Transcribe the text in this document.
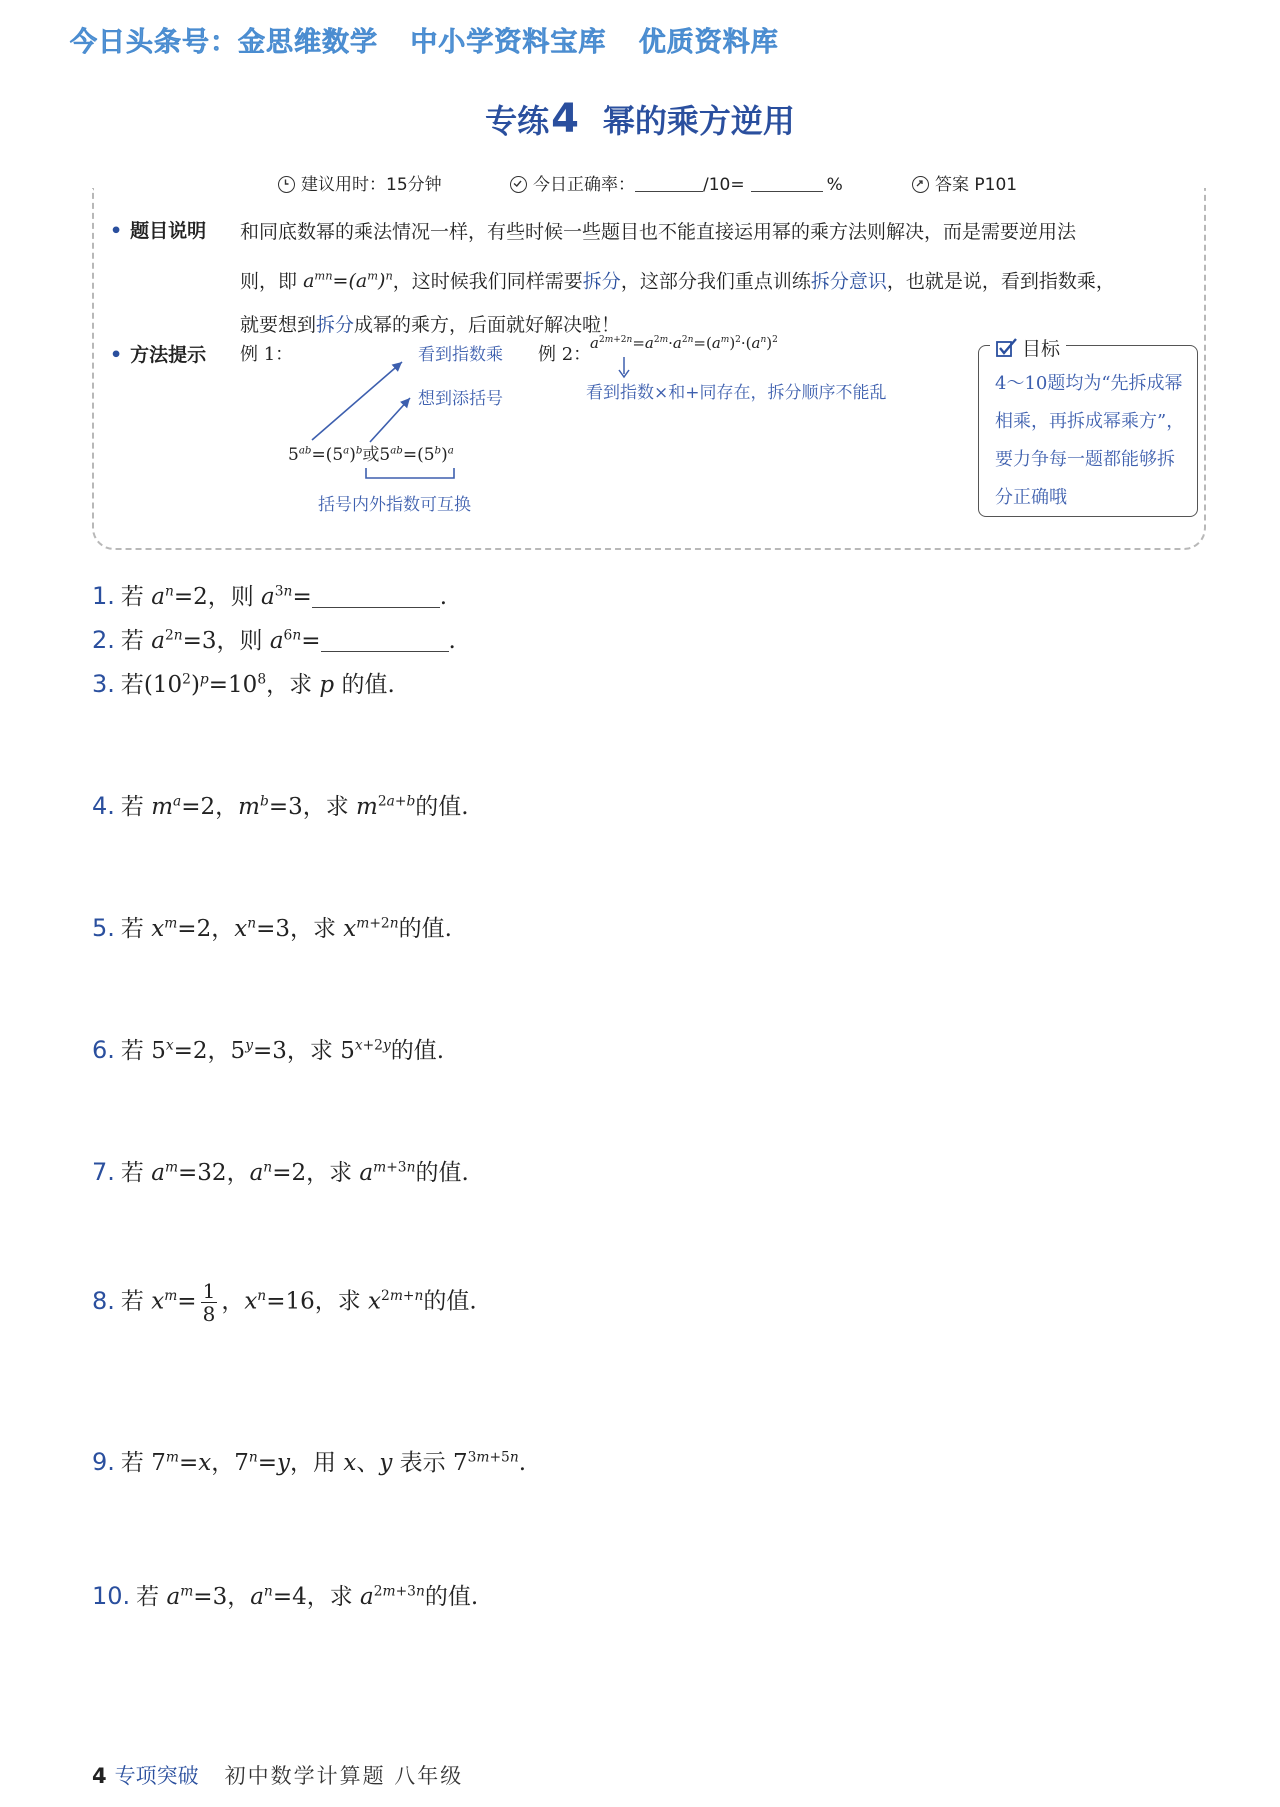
今日头条号：金思维数学 中小学资料宝库 优质资料库
专练4 幂的乘方逆用
建议用时：15分钟	今日正确率：	/10=	%	答案 P101
• 题目说明 和同底数幂的乘法情况一样，有些时候一些题目也不能直接运用幂的乘方法则解决，而是需要逆用法
则，即 $a^{mn}=(a^m)^n$，这时候我们同样需要拆分，这部分我们重点训练拆分意识，也就是说，看到指数乘，
就要想到拆分成幂的乘方，后面就好解决啦！
• 方法提示 例 1：	看到指数乘
想到添括号
$5^{ab}=(5^a)^b$或$5^{ab}=(5^b)^a$
括号内外指数可互换
例 2：
$a^{2m+2n}=a^{2m}\cdot a^{2n}=(a^m)^2\cdot(a^n)^2$
看到指数×和+同存在，拆分顺序不能乱
目标
4～10题均为“先拆成幂相乘，再拆成幂乘方”，要力争每一题都能够拆分正确哦
1. 若 $a^n=2$，则 $a^{3n}=$	.
2. 若 $a^{2n}=3$，则 $a^{6n}=$	.
3. 若$(10^2)^p=10^8$，求 p 的值.
4. 若 $m^a=2$，$m^b=3$，求 $m^{2a+b}$的值.
5. 若 $x^m=2$，$x^n=3$，求 $x^{m+2n}$的值.
6. 若 $5^x=2$，$5^y=3$，求 $5^{x+2y}$的值.
7. 若 $a^m=32$，$a^n=2$，求 $a^{m+3n}$的值.
8. 若 $x^m= \frac{1}{8}$ ，$x^n=16$，求 $x^{2m+n}$的值.
9. 若 $7^m=x$，$7^n=y$，用 x、y 表示 $7^{3m+5n}$.
10. 若 $a^m=3$，$a^n=4$，求 $a^{2m+3n}$的值.
4 专项突破 初中数学计算题 八年级
